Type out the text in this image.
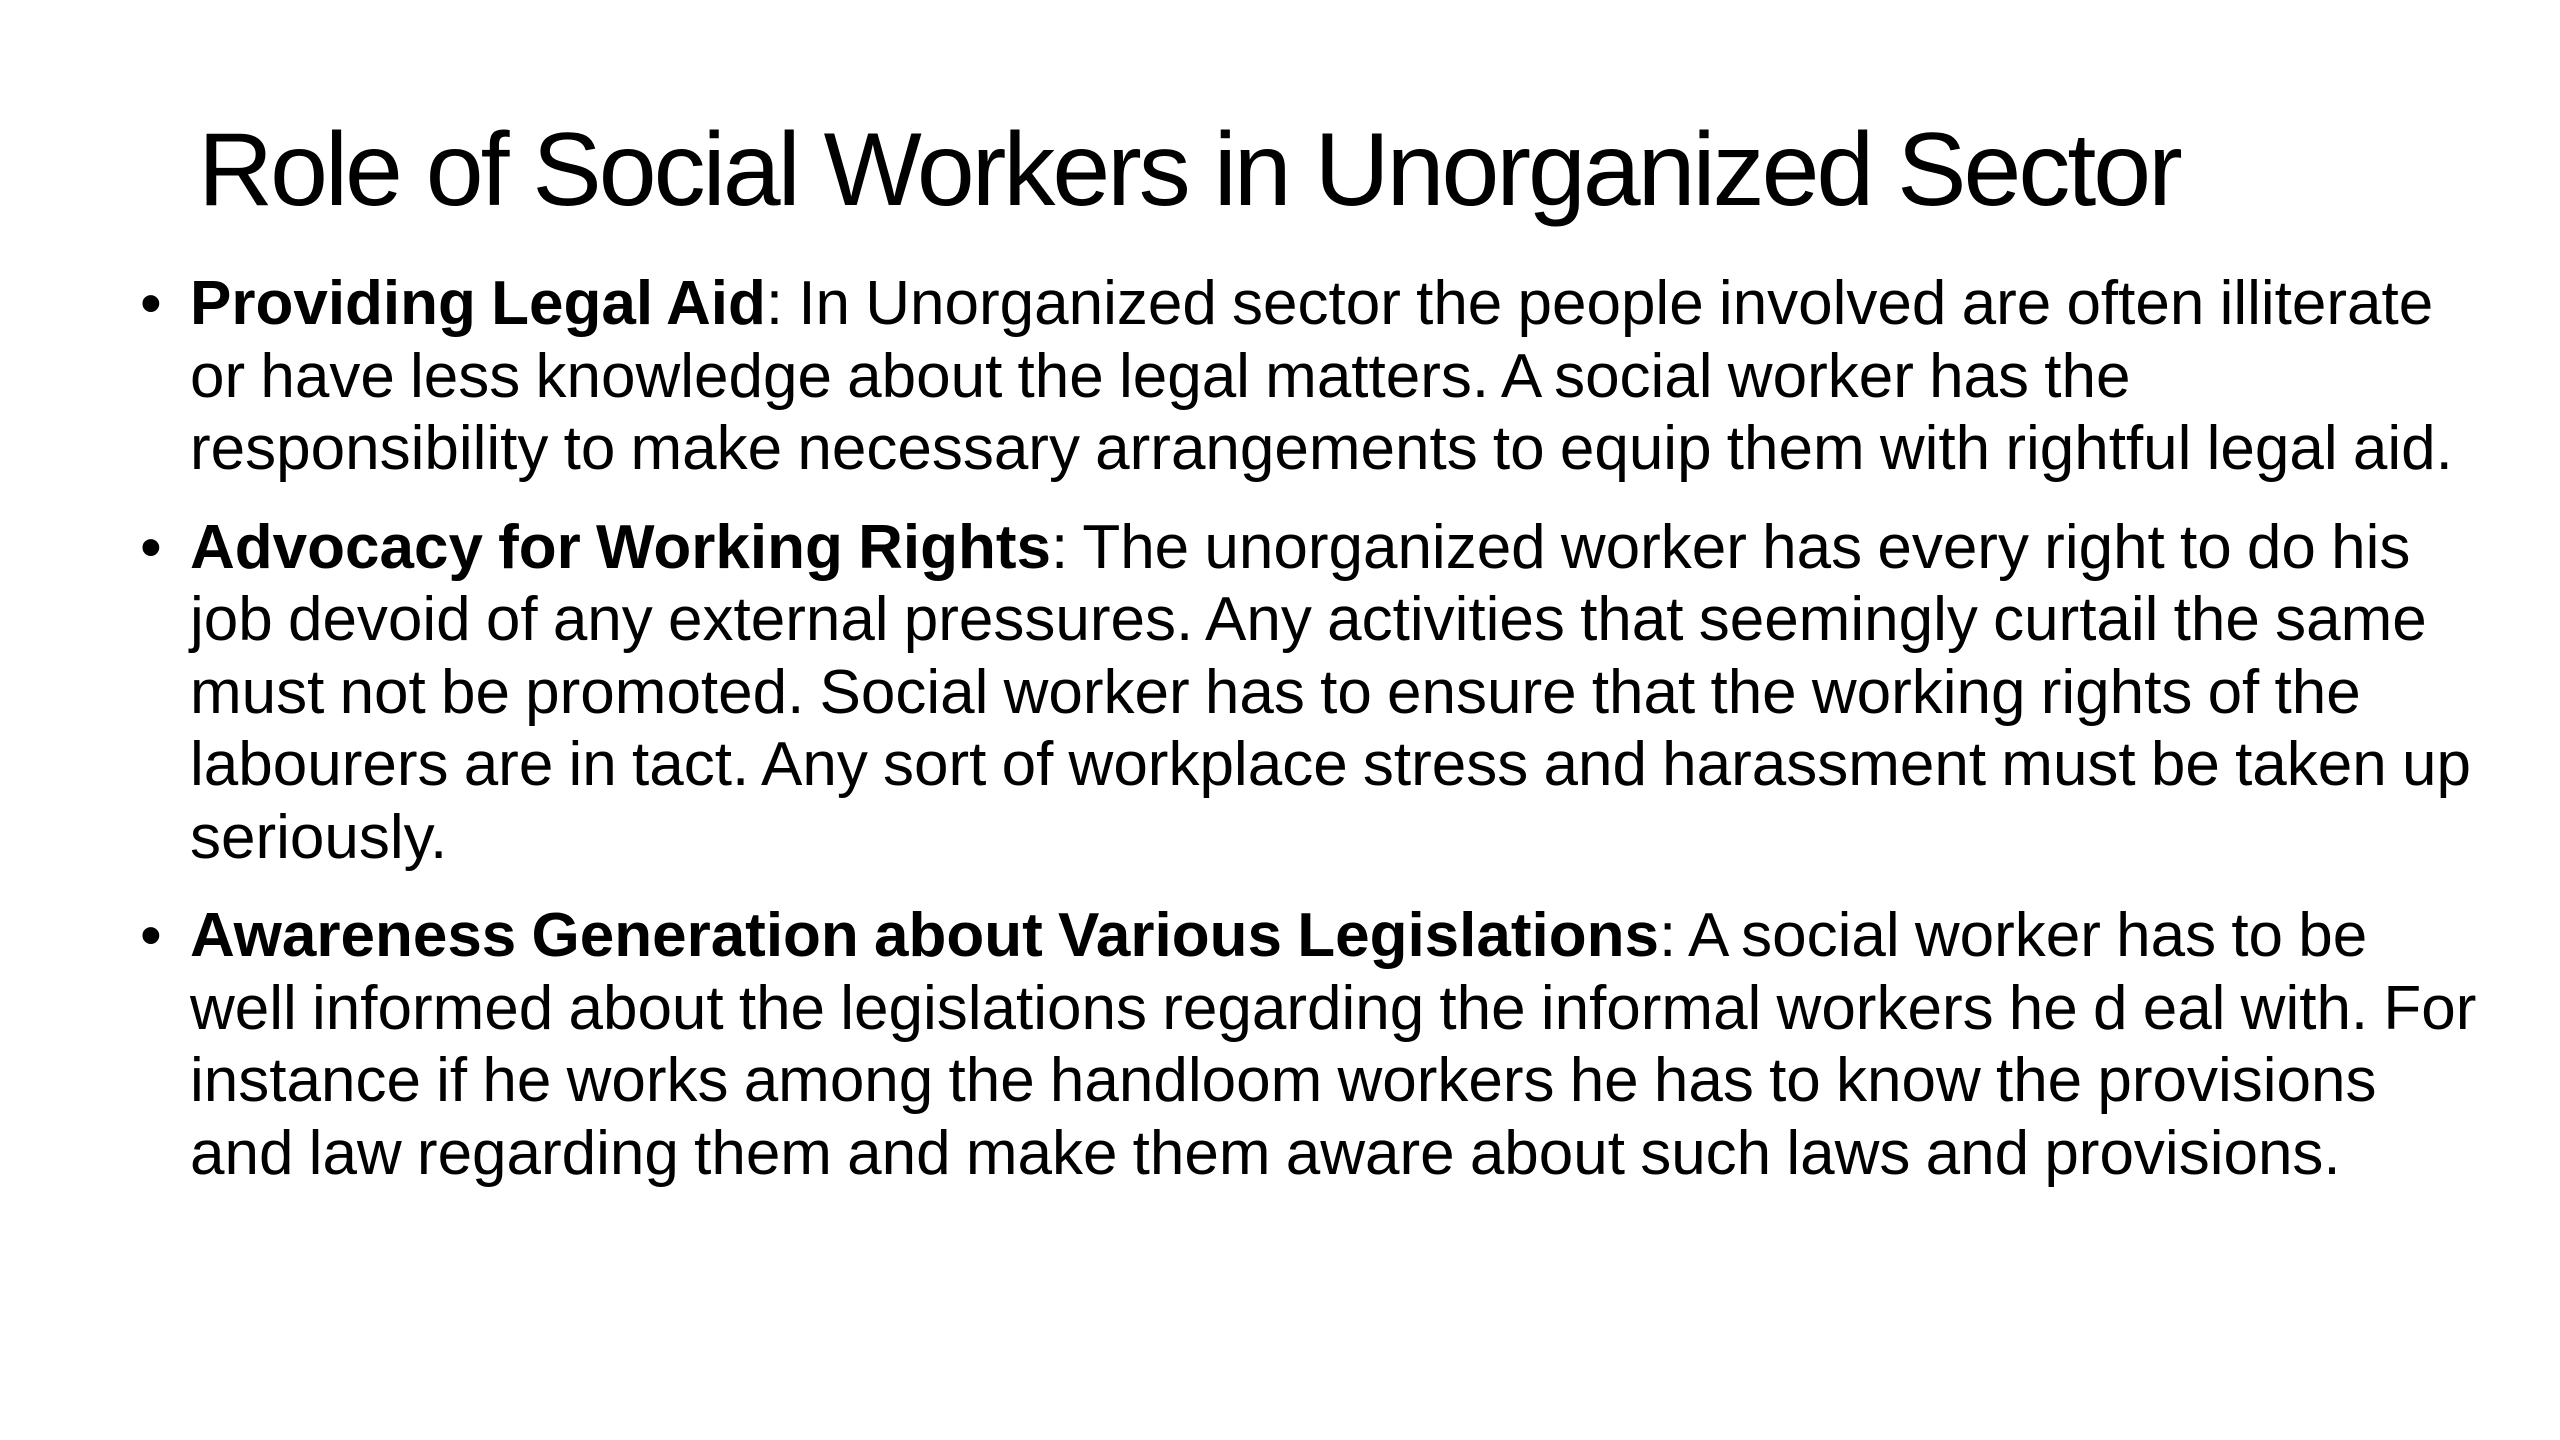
Role of Social Workers in Unorganized Sector
• Providing Legal Aid: In Unorganized sector the people involved are often illiterate or have less knowledge about the legal matters. A social worker has the responsibility to make necessary arrangements to equip them with rightful legal aid.
• Advocacy for Working Rights: The unorganized worker has every right to do his job devoid of any external pressures. Any activities that seemingly curtail the same must not be promoted. Social worker has to ensure that the working rights of the labourers are in tact. Any sort of workplace stress and harassment must be taken up seriously.
• Awareness Generation about Various Legislations: A social worker has to be well informed about the legislations regarding the informal workers he d eal with. For instance if he works among the handloom workers he has to know the provisions and law regarding them and make them aware about such laws and provisions.
